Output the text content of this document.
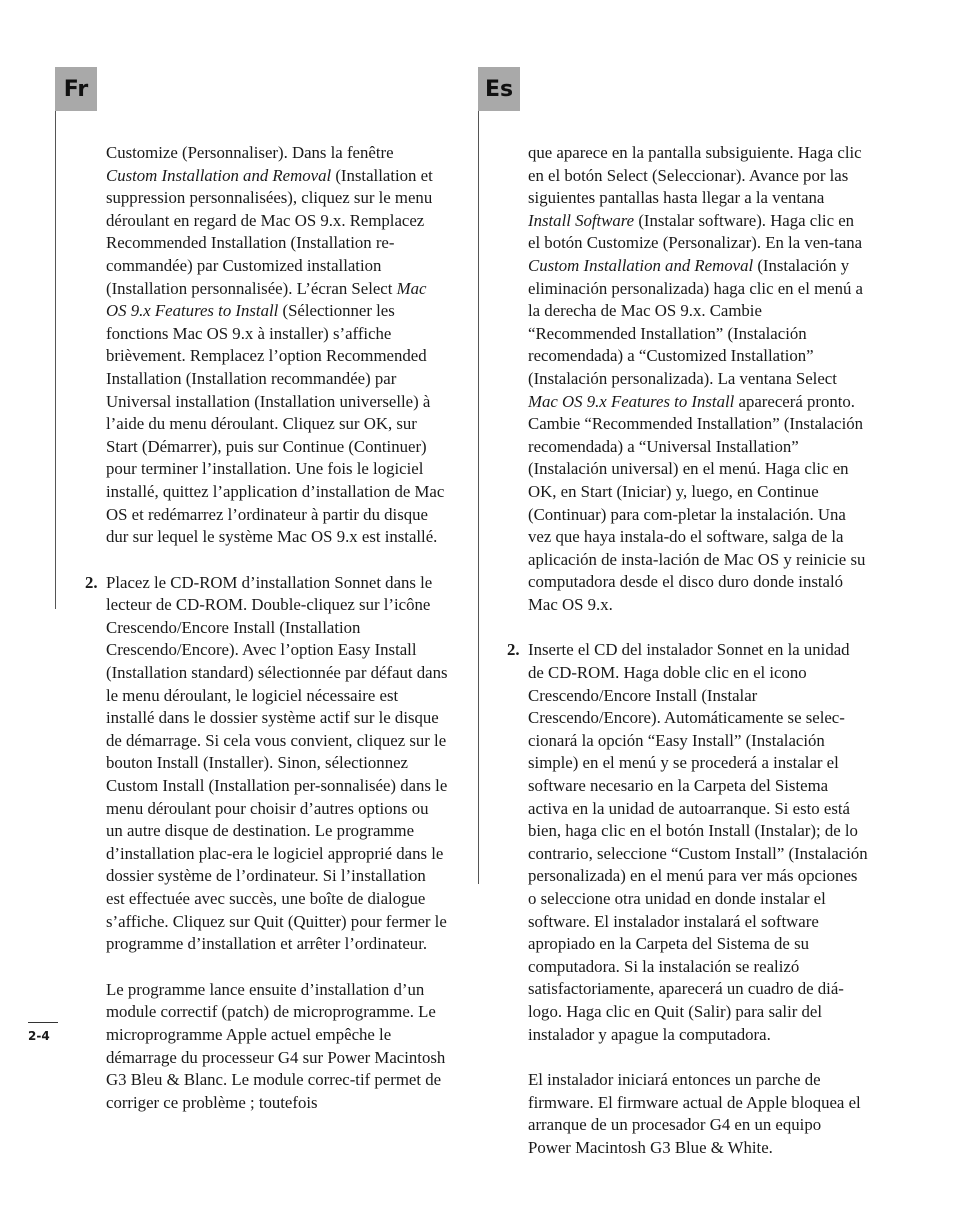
Fr	Es

Customize (Personnaliser). Dans la fenêtre Custom Installation and Removal (Installation et suppression personnalisées), cliquez sur le menu déroulant en regard de Mac OS 9.x. Remplacez Recommended Installation (Installation re-commandée) par Customized installation (Installation personnalisée). L’écran Select Mac OS 9.x Features to Install (Sélectionner les fonctions Mac OS 9.x à installer) s’affiche brièvement. Remplacez l’option Recommended Installation (Installation recommandée) par Universal installation (Installation universelle) à l’aide du menu déroulant. Cliquez sur OK, sur Start (Démarrer), puis sur Continue (Continuer) pour terminer l’installation. Une fois le logiciel installé, quittez l’application d’installation de Mac OS et redémarrez l’ordinateur à partir du disque dur sur lequel le système Mac OS 9.x est installé.

2. Placez le CD-ROM d’installation Sonnet dans le lecteur de CD-ROM. Double-cliquez sur l’icône Crescendo/Encore Install (Installation Crescendo/Encore). Avec l’option Easy Install (Installation standard) sélectionnée par défaut dans le menu déroulant, le logiciel nécessaire est installé dans le dossier système actif sur le disque de démarrage. Si cela vous convient, cliquez sur le bouton Install (Installer). Sinon, sélectionnez Custom Install (Installation per-sonnalisée) dans le menu déroulant pour choisir d’autres options ou un autre disque de destination. Le programme d’installation plac-era le logiciel approprié dans le dossier système de l’ordinateur. Si l’installation est effectuée avec succès, une boîte de dialogue s’affiche. Cliquez sur Quit (Quitter) pour fermer le programme d’installation et arrêter l’ordinateur.

Le programme lance ensuite d’installation d’un module correctif (patch) de microprogramme. Le microprogramme Apple actuel empêche le démarrage du processeur G4 sur Power Macintosh G3 Bleu & Blanc. Le module correc-tif permet de corriger ce problème ; toutefois

que aparece en la pantalla subsiguiente. Haga clic en el botón Select (Seleccionar). Avance por las siguientes pantallas hasta llegar a la ventana Install Software (Instalar software). Haga clic en el botón Customize (Personalizar). En la ven-tana Custom Installation and Removal (Instalación y eliminación personalizada) haga clic en el menú a la derecha de Mac OS 9.x. Cambie “Recommended Installation” (Instalación recomendada) a “Customized Installation” (Instalación personalizada). La ventana Select Mac OS 9.x Features to Install aparecerá pronto. Cambie “Recommended Installation” (Instalación recomendada) a “Universal Installation” (Instalación universal) en el menú. Haga clic en OK, en Start (Iniciar) y, luego, en Continue (Continuar) para com-pletar la instalación. Una vez que haya instala-do el software, salga de la aplicación de insta-lación de Mac OS y reinicie su computadora desde el disco duro donde instaló Mac OS 9.x.

2. Inserte el CD del instalador Sonnet en la unidad de CD-ROM. Haga doble clic en el icono Crescendo/Encore Install (Instalar Crescendo/Encore). Automáticamente se selec-cionará la opción “Easy Install” (Instalación simple) en el menú y se procederá a instalar el software necesario en la Carpeta del Sistema activa en la unidad de autoarranque. Si esto está bien, haga clic en el botón Install (Instalar); de lo contrario, seleccione “Custom Install” (Instalación personalizada) en el menú para ver más opciones o seleccione otra unidad en donde instalar el software. El instalador instalará el software apropiado en la Carpeta del Sistema de su computadora. Si la instalación se realizó satisfactoriamente, aparecerá un cuadro de diá-logo. Haga clic en Quit (Salir) para salir del instalador y apague la computadora.

El instalador iniciará entonces un parche de firmware. El firmware actual de Apple bloquea el arranque de un procesador G4 en un equipo Power Macintosh G3 Blue & White.

2-4
